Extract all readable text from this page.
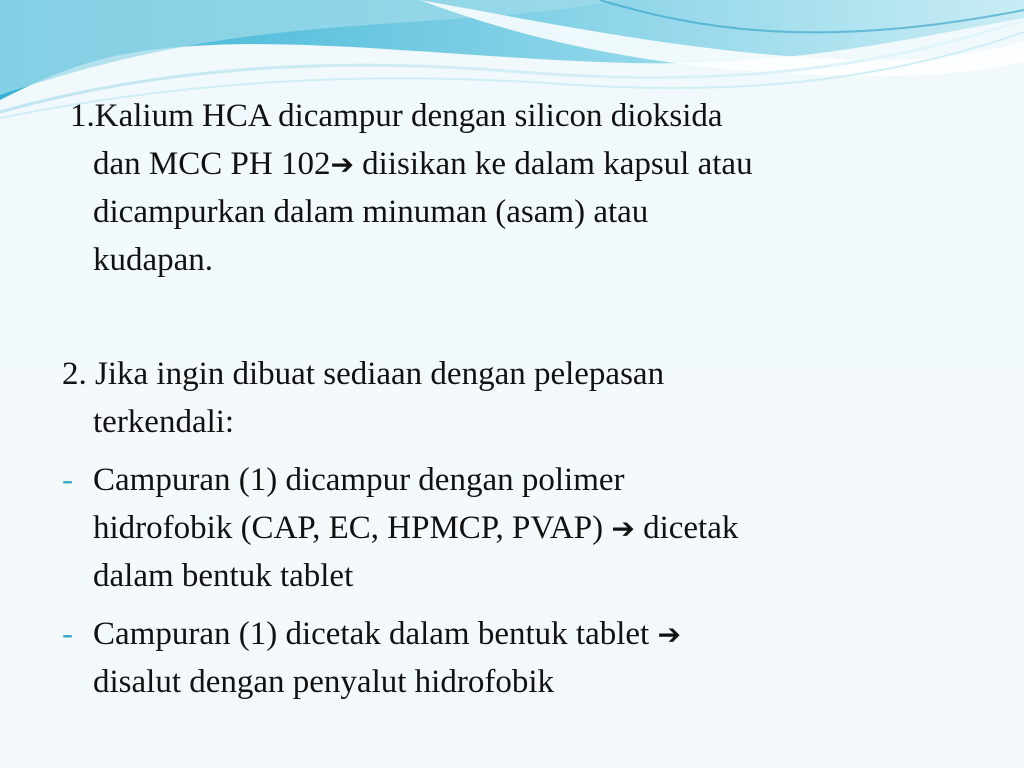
1.Kalium HCA dicampur dengan silicon dioksida
dan MCC PH 102➔ diisikan ke dalam kapsul atau
dicampurkan dalam minuman (asam) atau
kudapan.
2. Jika ingin dibuat sediaan dengan pelepasan
terkendali:
- Campuran (1) dicampur dengan polimer
hidrofobik (CAP, EC, HPMCP, PVAP) ➔ dicetak
dalam bentuk tablet
- Campuran (1) dicetak dalam bentuk tablet ➔
disalut dengan penyalut hidrofobik
